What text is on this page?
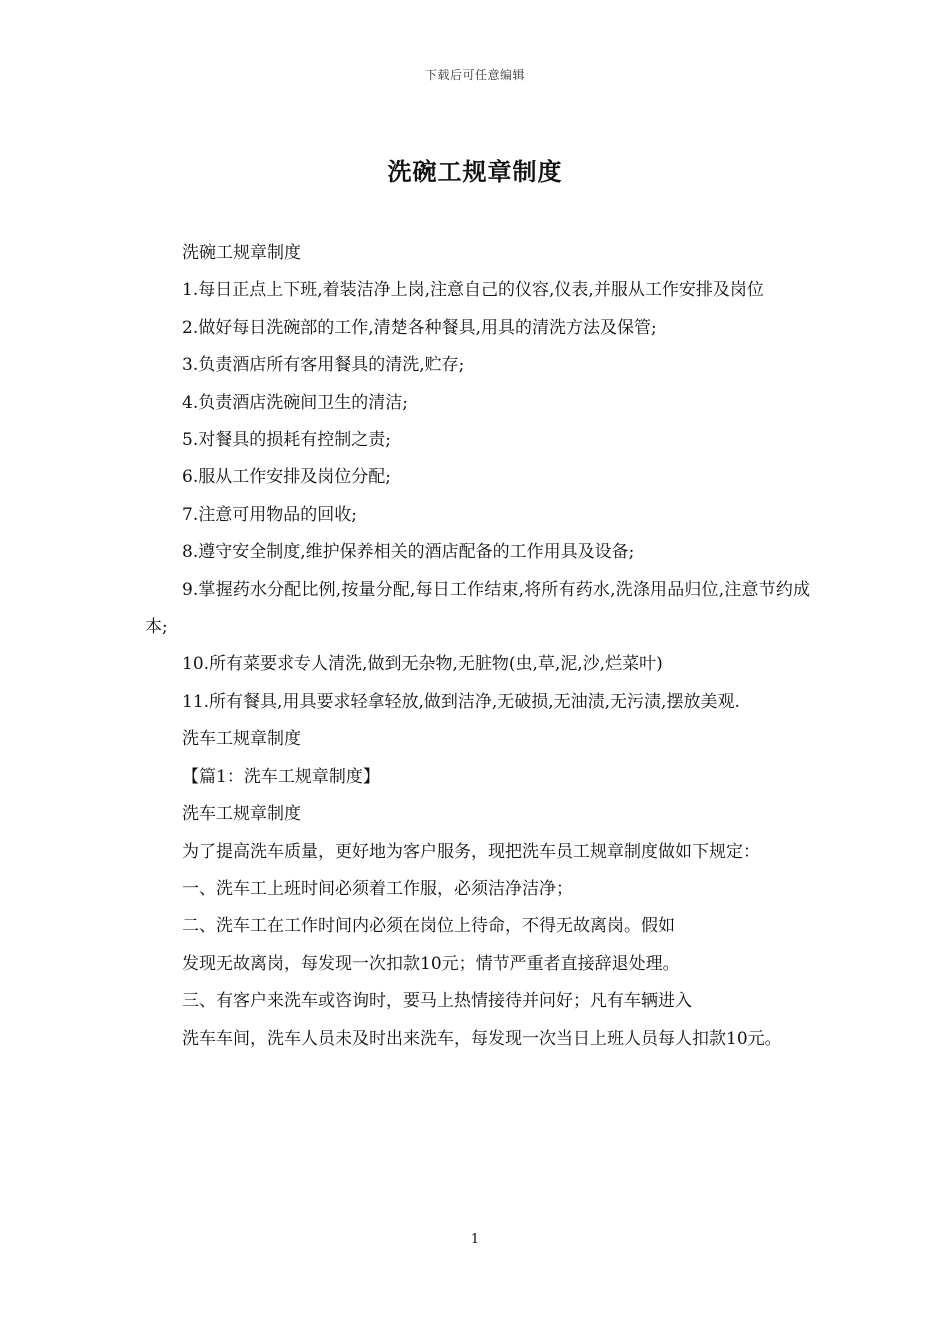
下载后可任意编辑
洗碗工规章制度

洗碗工规章制度

1.每日正点上下班,着装洁净上岗,注意自己的仪容,仪表,并服从工作安排及岗位

2.做好每日洗碗部的工作,清楚各种餐具,用具的清洗方法及保管;

3.负责酒店所有客用餐具的清洗,贮存;

4.负责酒店洗碗间卫生的清洁;

5.对餐具的损耗有控制之责;

6.服从工作安排及岗位分配;

7.注意可用物品的回收;

8.遵守安全制度,维护保养相关的酒店配备的工作用具及设备;

9.掌握药水分配比例,按量分配,每日工作结束,将所有药水,洗涤用品归位,注意节约成本;

10.所有菜要求专人清洗,做到无杂物,无脏物(虫,草,泥,沙,烂菜叶)

11.所有餐具,用具要求轻拿轻放,做到洁净,无破损,无油渍,无污渍,摆放美观.

洗车工规章制度

【篇1：洗车工规章制度】

洗车工规章制度

为了提高洗车质量，更好地为客户服务，现把洗车员工规章制度做如下规定：

一、洗车工上班时间必须着工作服，必须洁净洁净；

二、洗车工在工作时间内必须在岗位上待命，不得无故离岗。假如

发现无故离岗，每发现一次扣款10元；情节严重者直接辞退处理。

三、有客户来洗车或咨询时，要马上热情接待并问好；凡有车辆进入

洗车车间，洗车人员未及时出来洗车，每发现一次当日上班人员每人扣款10元。

1
